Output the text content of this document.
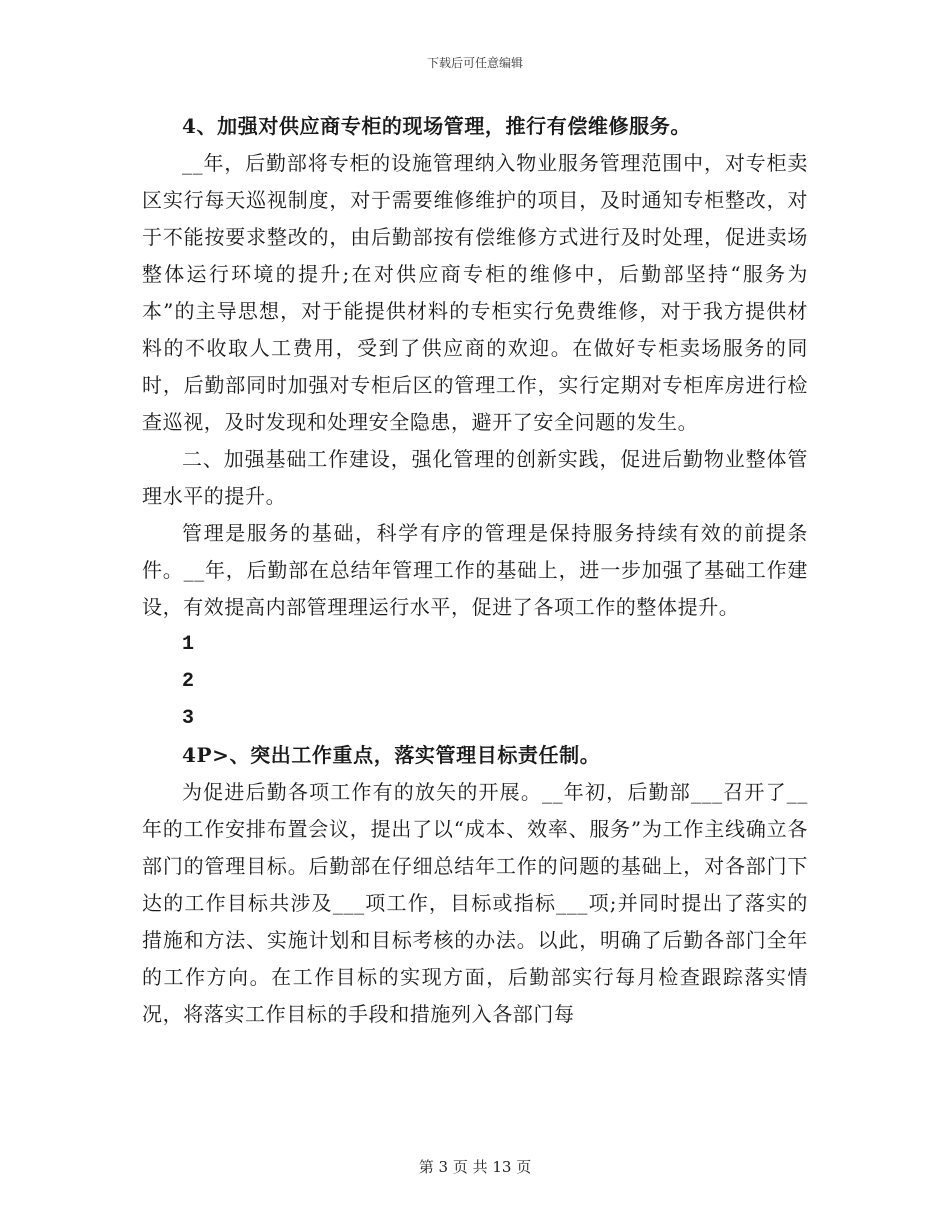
下载后可任意编辑

4、加强对供应商专柜的现场管理，推行有偿维修服务。

__年，后勤部将专柜的设施管理纳入物业服务管理范围中，对专柜卖区实行每天巡视制度，对于需要维修维护的项目，及时通知专柜整改，对于不能按要求整改的，由后勤部按有偿维修方式进行及时处理，促进卖场整体运行环境的提升;在对供应商专柜的维修中，后勤部坚持“服务为本”的主导思想，对于能提供材料的专柜实行免费维修，对于我方提供材料的不收取人工费用，受到了供应商的欢迎。在做好专柜卖场服务的同时，后勤部同时加强对专柜后区的管理工作，实行定期对专柜库房进行检查巡视，及时发现和处理安全隐患，避开了安全问题的发生。

二、加强基础工作建设，强化管理的创新实践，促进后勤物业整体管理水平的提升。

管理是服务的基础，科学有序的管理是保持服务持续有效的前提条件。__年，后勤部在总结年管理工作的基础上，进一步加强了基础工作建设，有效提高内部管理理运行水平，促进了各项工作的整体提升。

1

2

3

4P>、突出工作重点，落实管理目标责任制。

为促进后勤各项工作有的放矢的开展。__年初，后勤部___召开了__年的工作安排布置会议，提出了以“成本、效率、服务”为工作主线确立各部门的管理目标。后勤部在仔细总结年工作的问题的基础上，对各部门下达的工作目标共涉及___项工作，目标或指标___项;并同时提出了落实的措施和方法、实施计划和目标考核的办法。以此，明确了后勤各部门全年的工作方向。在工作目标的实现方面，后勤部实行每月检查跟踪落实情况，将落实工作目标的手段和措施列入各部门每

第 3 页 共 13 页
